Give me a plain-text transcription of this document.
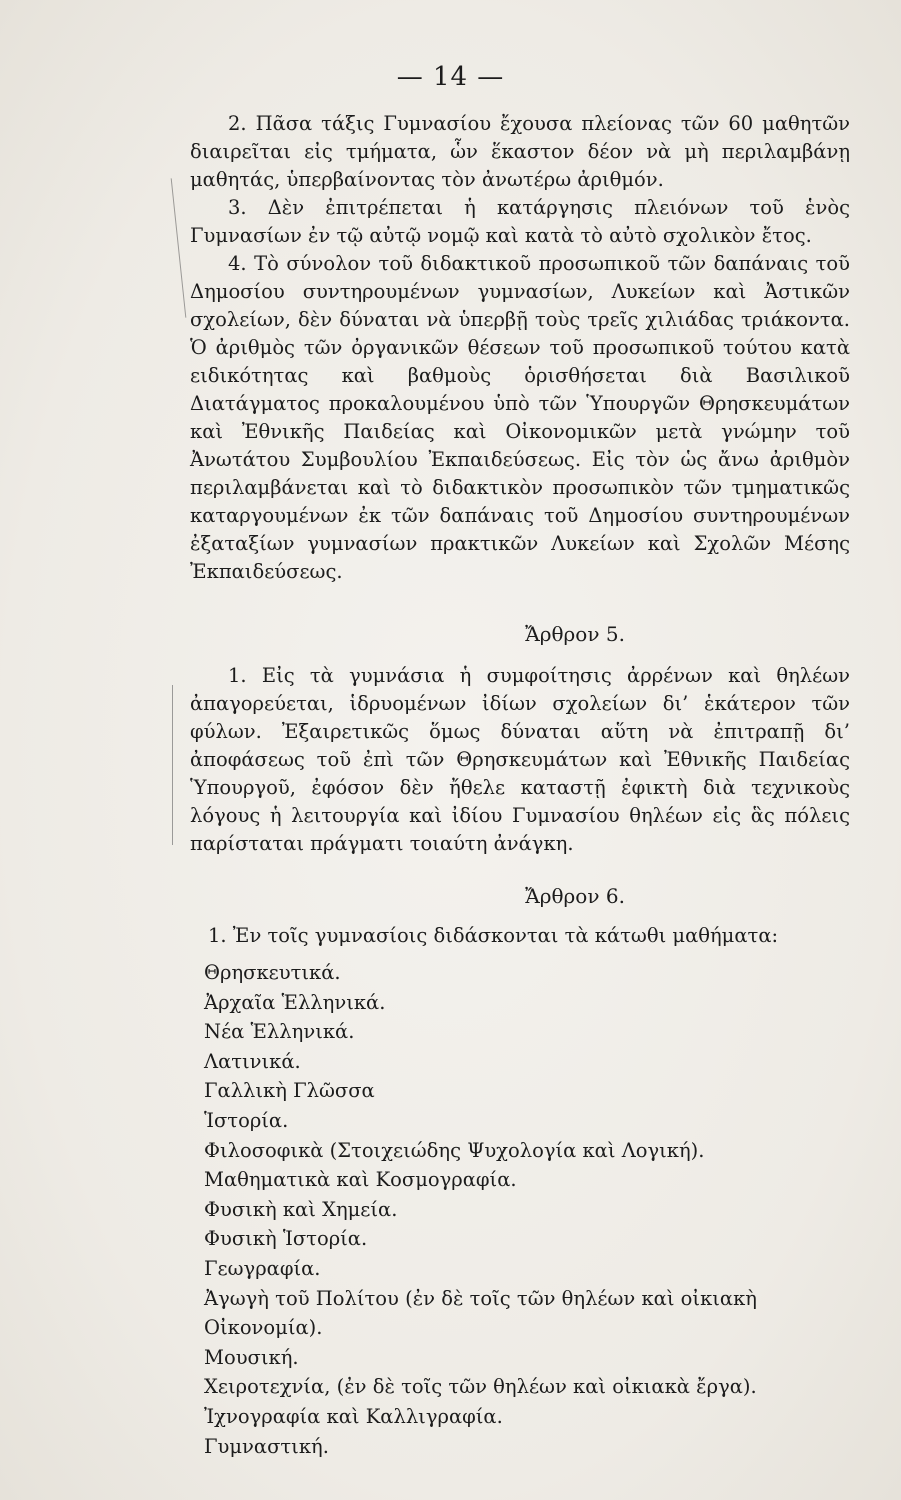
— 14 —

2. Πᾶσα τάξις Γυμνασίου ἔχουσα πλείονας τῶν 60 μαθητῶν διαιρεῖται εἰς τμήματα, ὧν ἕκαστον δέον νὰ μὴ περιλαμβάνῃ μαθητάς, ὑπερβαίνοντας τὸν ἀνωτέρω ἀριθμόν.

3. Δὲν ἐπιτρέπεται ἡ κατάργησις πλειόνων τοῦ ἑνὸς Γυμνασίων ἐν τῷ αὐτῷ νομῷ καὶ κατὰ τὸ αὐτὸ σχολικὸν ἔτος.

4. Τὸ σύνολον τοῦ διδακτικοῦ προσωπικοῦ τῶν δαπάναις τοῦ Δημοσίου συντηρουμένων γυμνασίων, Λυκείων καὶ Ἀστικῶν σχολείων, δὲν δύναται νὰ ὑπερβῇ τοὺς τρεῖς χιλιάδας τριάκοντα. Ὁ ἀριθμὸς τῶν ὀργανικῶν θέσεων τοῦ προσωπικοῦ τούτου κατὰ ειδικότητας καὶ βαθμοὺς ὁρισθήσεται διὰ Βασιλικοῦ Διατάγματος προκαλουμένου ὑπὸ τῶν Ὑπουργῶν Θρησκευμάτων καὶ Ἐθνικῆς Παιδείας καὶ Οἰκονομικῶν μετὰ γνώμην τοῦ Ἀνωτάτου Συμβουλίου Ἐκπαιδεύσεως. Εἰς τὸν ὡς ἄνω ἀριθμὸν περιλαμβάνεται καὶ τὸ διδακτικὸν προσωπικὸν τῶν τμηματικῶς καταργουμένων ἐκ τῶν δαπάναις τοῦ Δημοσίου συντηρουμένων ἐξαταξίων γυμνασίων πρακτικῶν Λυκείων καὶ Σχολῶν Μέσης Ἐκπαιδεύσεως.

Ἄρθρον 5.

1. Εἰς τὰ γυμνάσια ἡ συμφοίτησις ἀρρένων καὶ θηλέων ἀπαγορεύεται, ἱδρυομένων ἰδίων σχολείων δι’ ἑκάτερον τῶν φύλων. Ἐξαιρετικῶς ὅμως δύναται αὕτη νὰ ἐπιτραπῇ δι’ ἀποφάσεως τοῦ ἐπὶ τῶν Θρησκευμάτων καὶ Ἐθνικῆς Παιδείας Ὑπουργοῦ, ἐφόσον δὲν ἤθελε καταστῇ ἐφικτὴ διὰ τεχνικοὺς λόγους ἡ λειτουργία καὶ ἰδίου Γυμνασίου θηλέων εἰς ἃς πόλεις παρίσταται πράγματι τοιαύτη ἀνάγκη.

Ἄρθρον 6.

1. Ἐν τοῖς γυμνασίοις διδάσκονται τὰ κάτωθι μαθήματα:

Θρησκευτικά.
Ἀρχαῖα Ἑλληνικά.
Νέα Ἑλληνικά.
Λατινικά.
Γαλλικὴ Γλῶσσα
Ἱστορία.
Φιλοσοφικὰ (Στοιχειώδης Ψυχολογία καὶ Λογική).
Μαθηματικὰ καὶ Κοσμογραφία.
Φυσικὴ καὶ Χημεία.
Φυσικὴ Ἱστορία.
Γεωγραφία.
Ἀγωγὴ τοῦ Πολίτου (ἐν δὲ τοῖς τῶν θηλέων καὶ οἰκιακὴ Οἰκονομία).
Μουσική.
Χειροτεχνία, (ἐν δὲ τοῖς τῶν θηλέων καὶ οἰκιακὰ ἔργα).
Ἰχνογραφία καὶ Καλλιγραφία.
Γυμναστική.
